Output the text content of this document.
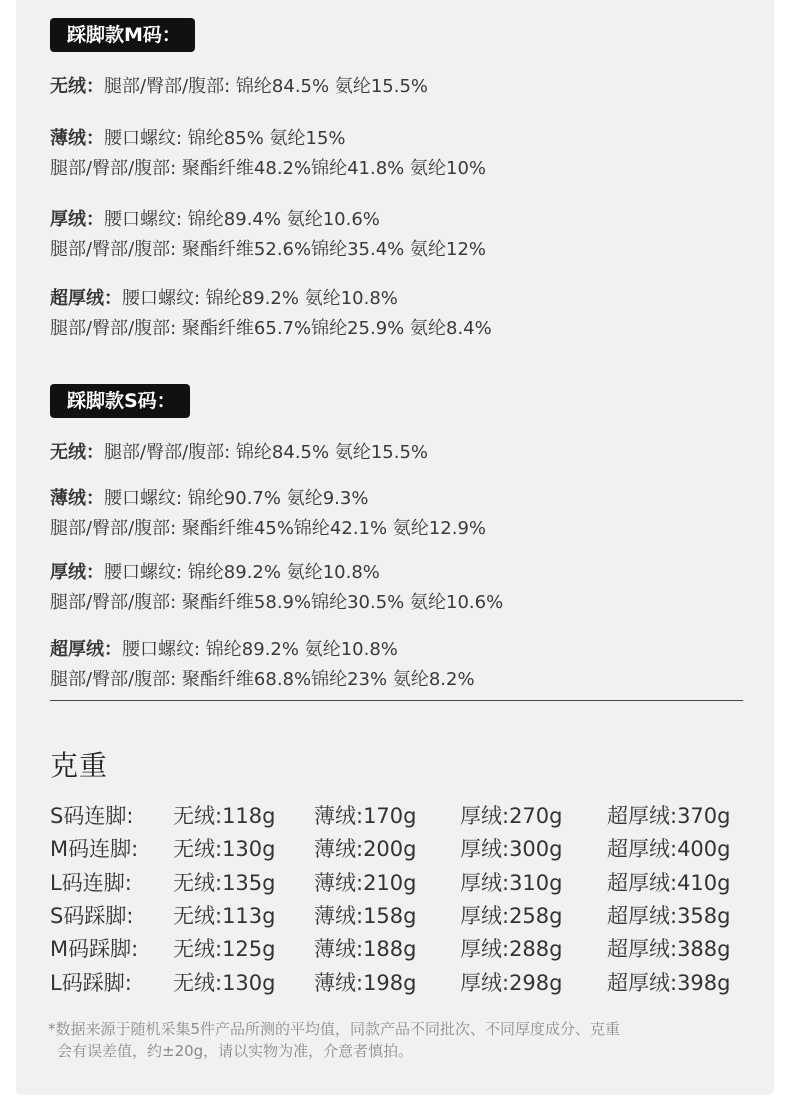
踩脚款M码：
无绒：腿部/臀部/腹部: 锦纶84.5% 氨纶15.5%
薄绒：腰口螺纹: 锦纶85% 氨纶15%
腿部/臀部/腹部: 聚酯纤维48.2%锦纶41.8% 氨纶10%
厚绒：腰口螺纹: 锦纶89.4% 氨纶10.6%
腿部/臀部/腹部: 聚酯纤维52.6%锦纶35.4% 氨纶12%
超厚绒：腰口螺纹: 锦纶89.2% 氨纶10.8%
腿部/臀部/腹部: 聚酯纤维65.7%锦纶25.9% 氨纶8.4%
踩脚款S码：
无绒：腿部/臀部/腹部: 锦纶84.5% 氨纶15.5%
薄绒：腰口螺纹: 锦纶90.7% 氨纶9.3%
腿部/臀部/腹部: 聚酯纤维45%锦纶42.1% 氨纶12.9%
厚绒：腰口螺纹: 锦纶89.2% 氨纶10.8%
腿部/臀部/腹部: 聚酯纤维58.9%锦纶30.5% 氨纶10.6%
超厚绒：腰口螺纹: 锦纶89.2% 氨纶10.8%
腿部/臀部/腹部: 聚酯纤维68.8%锦纶23% 氨纶8.2%
克重
S码连脚: 无绒:118g 薄绒:170g 厚绒:270g 超厚绒:370g
M码连脚: 无绒:130g 薄绒:200g 厚绒:300g 超厚绒:400g
L码连脚: 无绒:135g 薄绒:210g 厚绒:310g 超厚绒:410g
S码踩脚: 无绒:113g 薄绒:158g 厚绒:258g 超厚绒:358g
M码踩脚: 无绒:125g 薄绒:188g 厚绒:288g 超厚绒:388g
L码踩脚: 无绒:130g 薄绒:198g 厚绒:298g 超厚绒:398g
*数据来源于随机采集5件产品所测的平均值，同款产品不同批次、不同厚度成分、克重
会有误差值，约±20g，请以实物为准，介意者慎拍。
